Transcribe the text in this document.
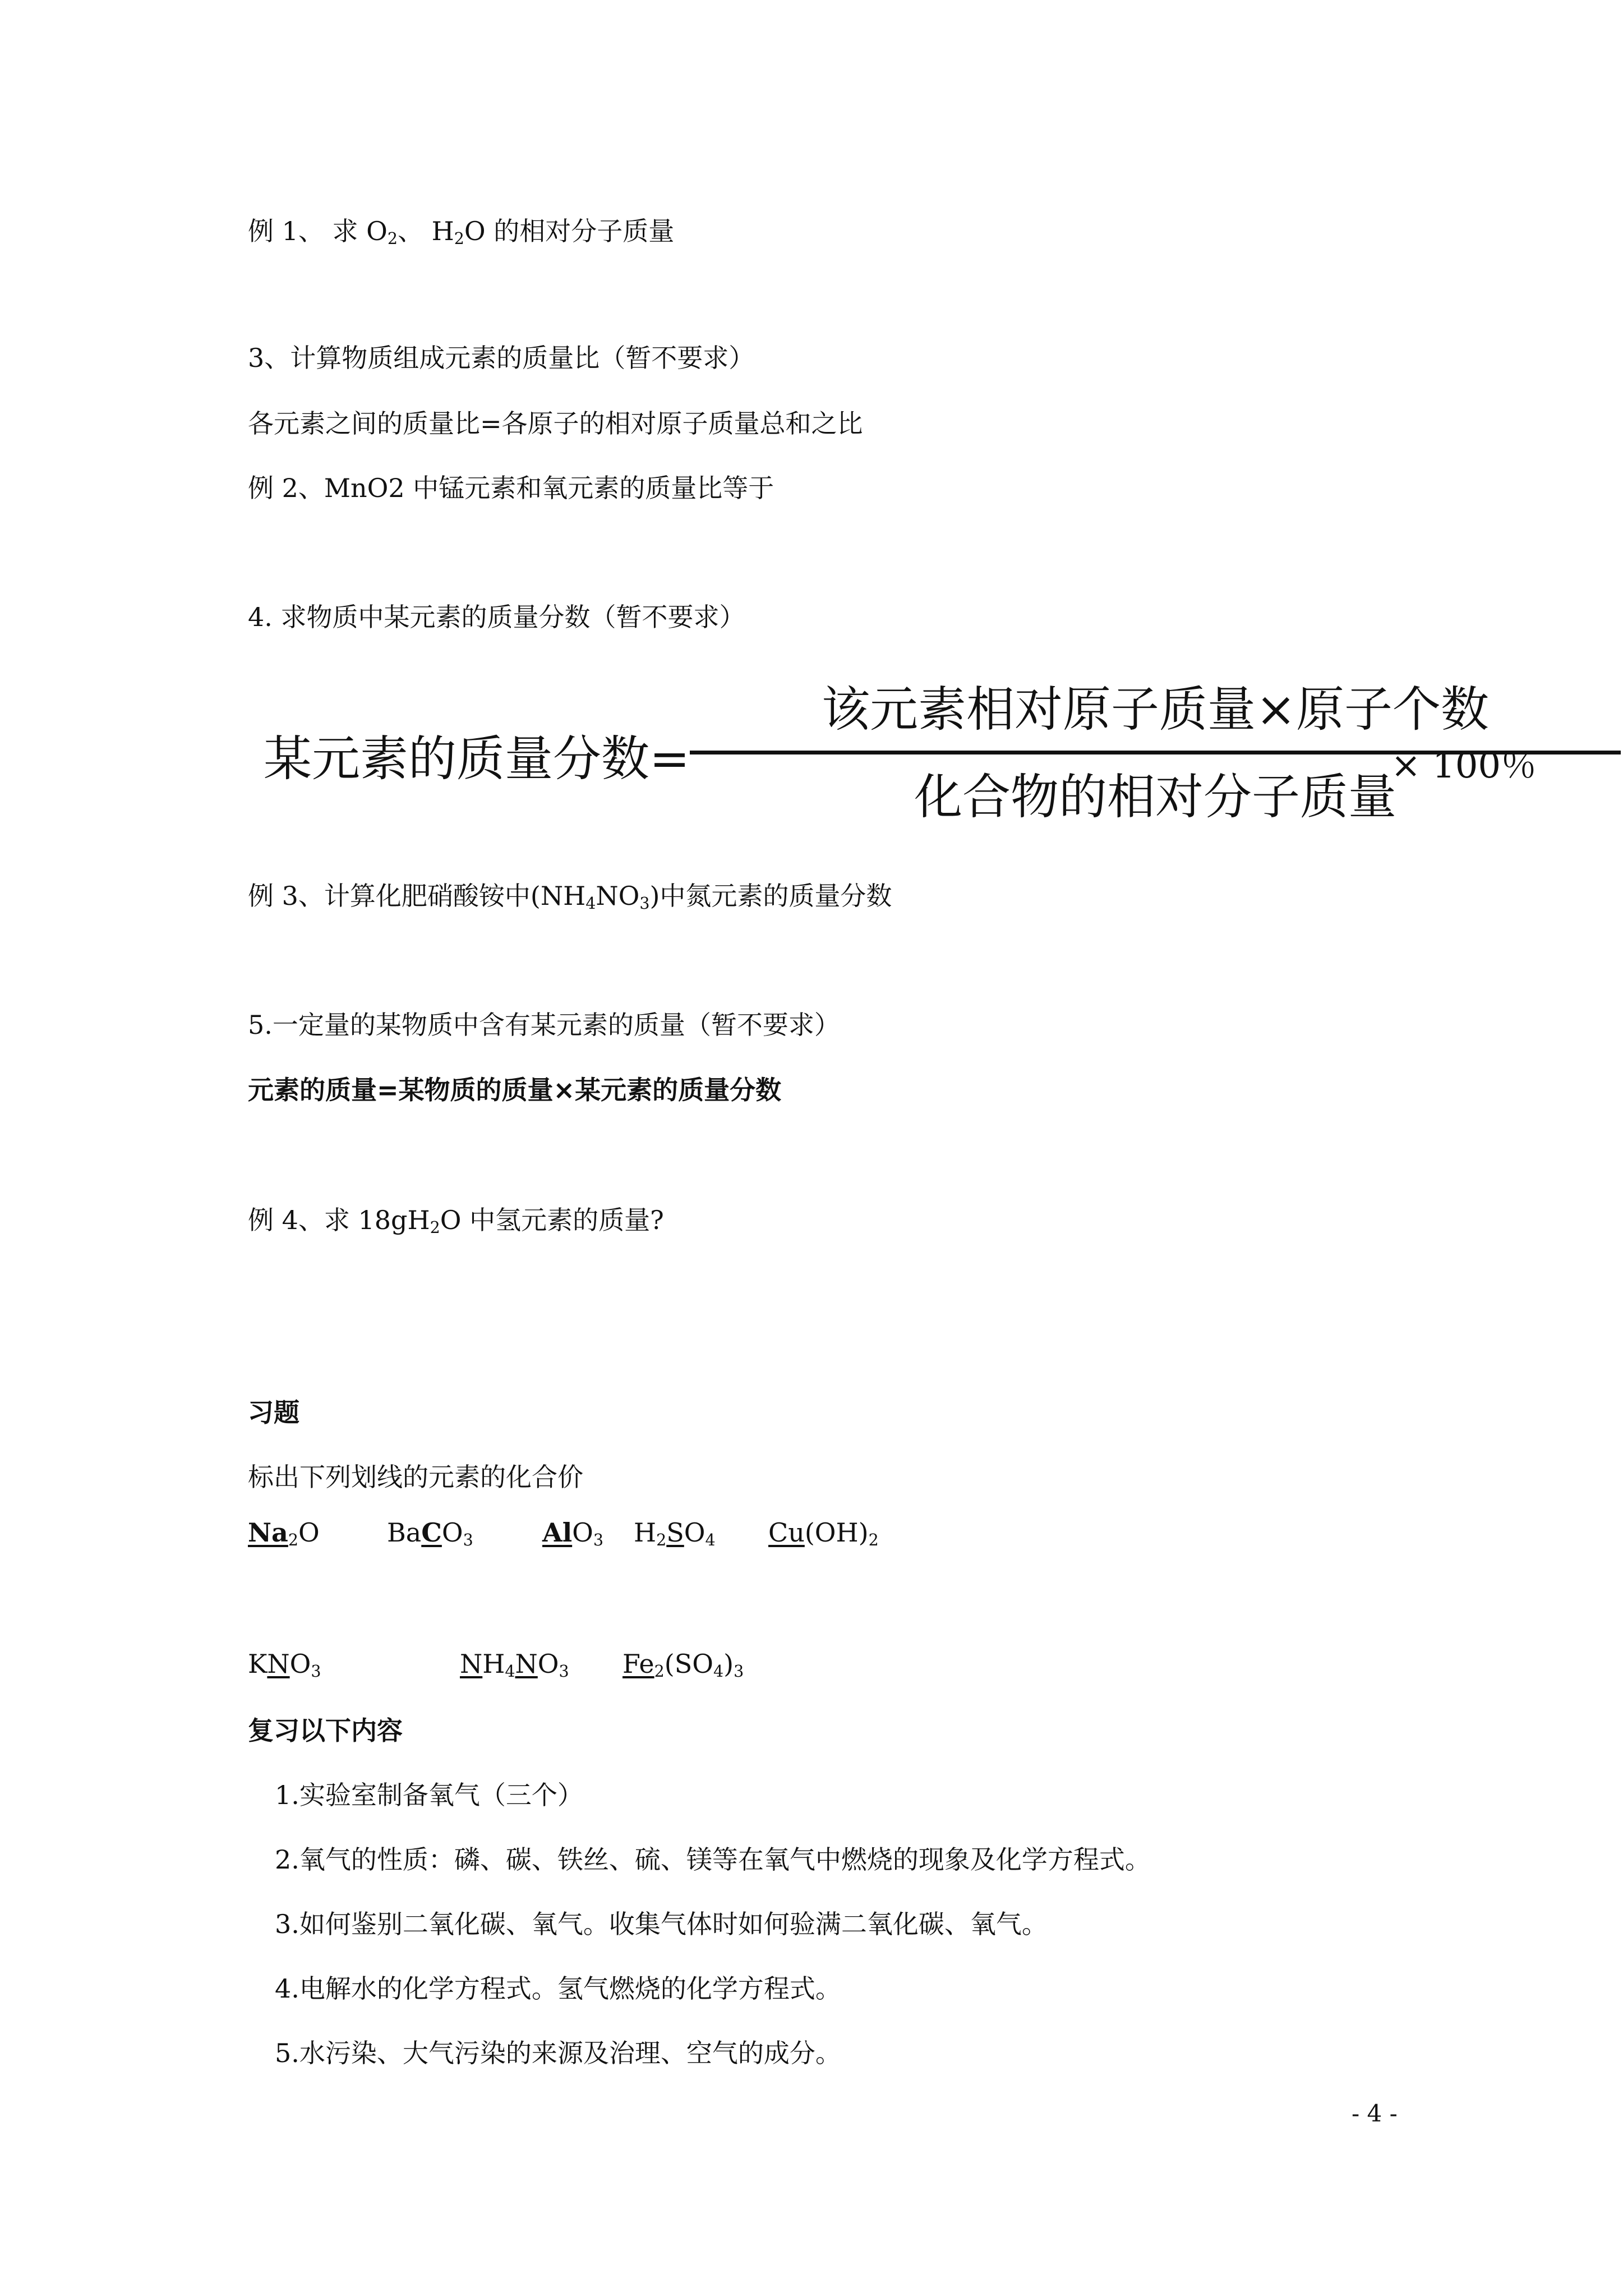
例 1、 求 $O_2$、 $H_2O$ 的相对分子质量
3、计算物质组成元素的质量比（暂不要求）
各元素之间的质量比=各原子的相对原子质量总和之比
例 2、MnO2 中锰元素和氧元素的质量比等于
4. 求物质中某元素的质量分数（暂不要求）
某元素的质量分数=
该元素相对原子质量×原子个数
化合物的相对分子质量
× 100％
例 3、计算化肥硝酸铵中$(NH_4NO_3)$中氮元素的质量分数
5.一定量的某物质中含有某元素的质量（暂不要求）
元素的质量=某物质的质量×某元素的质量分数
例 4、求 $18gH_2O$ 中氢元素的质量?
习题
标出下列划线的元素的化合价
$Na_2O$	BaCO$_3$	AlO$_3$ $H_2SO_4$ $Cu(OH)_2$
$KNO_3$	$NH_4NO_3$ $Fe_2(SO_4)_3$
复习以下内容
1.实验室制备氧气（三个）
2.氧气的性质：磷、碳、铁丝、硫、镁等在氧气中燃烧的现象及化学方程式。
3.如何鉴别二氧化碳、氧气。收集气体时如何验满二氧化碳、氧气。
4.电解水的化学方程式。氢气燃烧的化学方程式。
5.水污染、大气污染的来源及治理、空气的成分。
- 4 -
